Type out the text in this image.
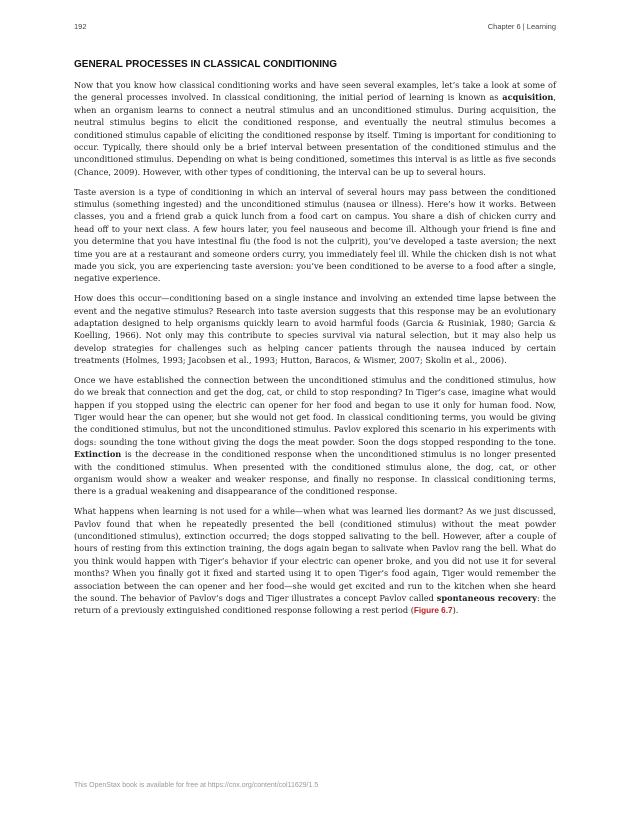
192	Chapter 6 | Learning
GENERAL PROCESSES IN CLASSICAL CONDITIONING

Now that you know how classical conditioning works and have seen several examples, let’s take a look at some of the general processes involved. In classical conditioning, the initial period of learning is known as acquisition, when an organism learns to connect a neutral stimulus and an unconditioned stimulus. During acquisition, the neutral stimulus begins to elicit the conditioned response, and eventually the neutral stimulus becomes a conditioned stimulus capable of eliciting the conditioned response by itself. Timing is important for conditioning to occur. Typically, there should only be a brief interval between presentation of the conditioned stimulus and the unconditioned stimulus. Depending on what is being conditioned, sometimes this interval is as little as five seconds (Chance, 2009). However, with other types of conditioning, the interval can be up to several hours.

Taste aversion is a type of conditioning in which an interval of several hours may pass between the conditioned stimulus (something ingested) and the unconditioned stimulus (nausea or illness). Here’s how it works. Between classes, you and a friend grab a quick lunch from a food cart on campus. You share a dish of chicken curry and head off to your next class. A few hours later, you feel nauseous and become ill. Although your friend is fine and you determine that you have intestinal flu (the food is not the culprit), you’ve developed a taste aversion; the next time you are at a restaurant and someone orders curry, you immediately feel ill. While the chicken dish is not what made you sick, you are experiencing taste aversion: you’ve been conditioned to be averse to a food after a single, negative experience.

How does this occur—conditioning based on a single instance and involving an extended time lapse between the event and the negative stimulus? Research into taste aversion suggests that this response may be an evolutionary adaptation designed to help organisms quickly learn to avoid harmful foods (Garcia & Rusiniak, 1980; Garcia & Koelling, 1966). Not only may this contribute to species survival via natural selection, but it may also help us develop strategies for challenges such as helping cancer patients through the nausea induced by certain treatments (Holmes, 1993; Jacobsen et al., 1993; Hutton, Baracos, & Wismer, 2007; Skolin et al., 2006).

Once we have established the connection between the unconditioned stimulus and the conditioned stimulus, how do we break that connection and get the dog, cat, or child to stop responding? In Tiger’s case, imagine what would happen if you stopped using the electric can opener for her food and began to use it only for human food. Now, Tiger would hear the can opener, but she would not get food. In classical conditioning terms, you would be giving the conditioned stimulus, but not the unconditioned stimulus. Pavlov explored this scenario in his experiments with dogs: sounding the tone without giving the dogs the meat powder. Soon the dogs stopped responding to the tone. Extinction is the decrease in the conditioned response when the unconditioned stimulus is no longer presented with the conditioned stimulus. When presented with the conditioned stimulus alone, the dog, cat, or other organism would show a weaker and weaker response, and finally no response. In classical conditioning terms, there is a gradual weakening and disappearance of the conditioned response.

What happens when learning is not used for a while—when what was learned lies dormant? As we just discussed, Pavlov found that when he repeatedly presented the bell (conditioned stimulus) without the meat powder (unconditioned stimulus), extinction occurred; the dogs stopped salivating to the bell. However, after a couple of hours of resting from this extinction training, the dogs again began to salivate when Pavlov rang the bell. What do you think would happen with Tiger’s behavior if your electric can opener broke, and you did not use it for several months? When you finally got it fixed and started using it to open Tiger’s food again, Tiger would remember the association between the can opener and her food—she would get excited and run to the kitchen when she heard the sound. The behavior of Pavlov’s dogs and Tiger illustrates a concept Pavlov called spontaneous recovery: the return of a previously extinguished conditioned response following a rest period (Figure 6.7).

This OpenStax book is available for free at https://cnx.org/content/col11629/1.5
